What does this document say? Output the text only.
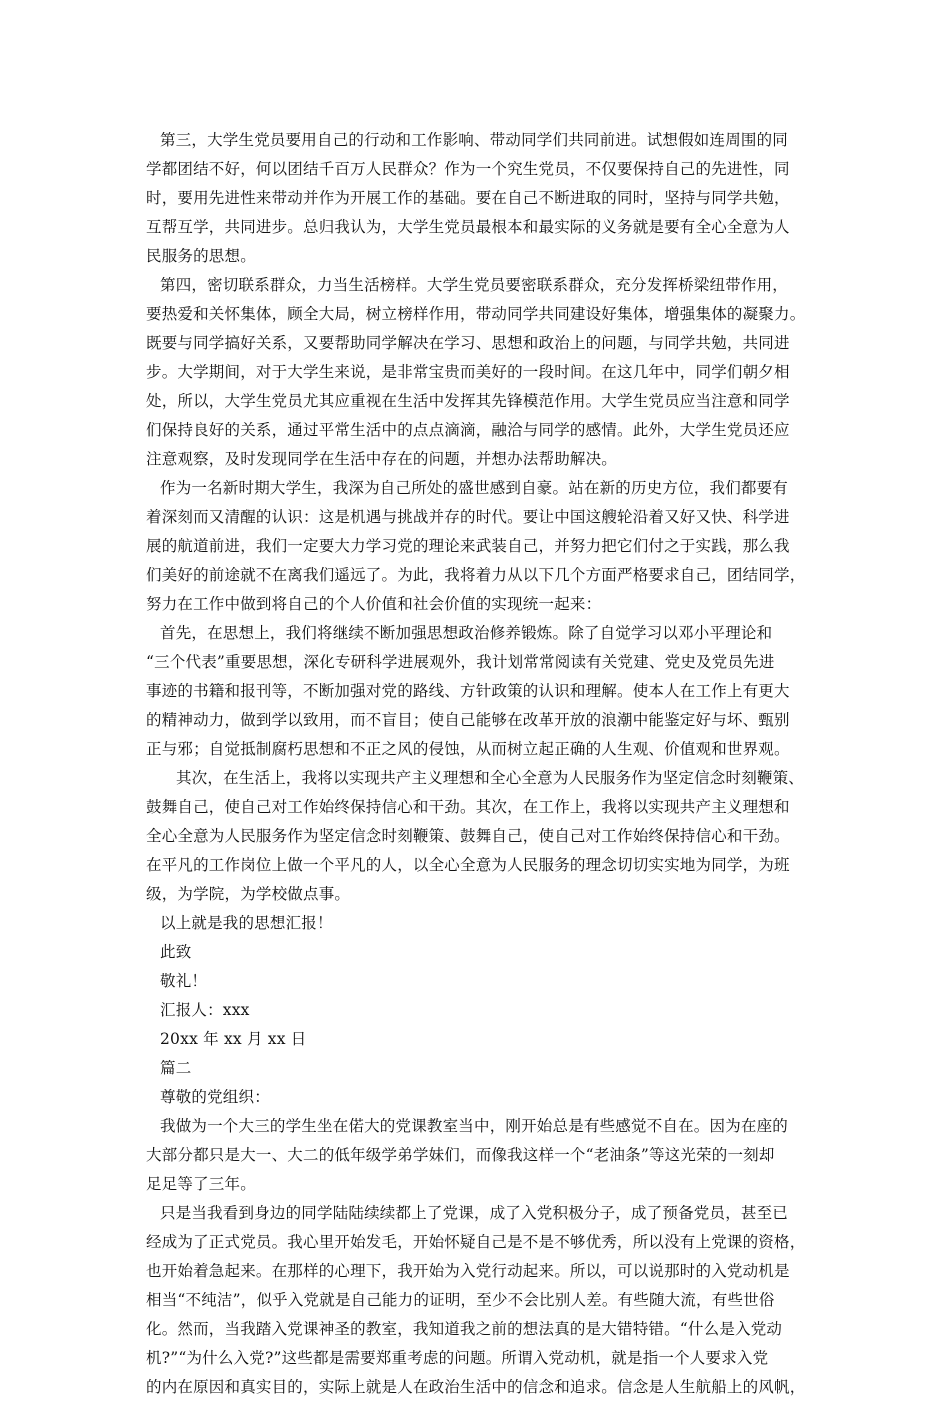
第三，大学生党员要用自己的行动和工作影响、带动同学们共同前进。试想假如连周围的同
学都团结不好，何以团结千百万人民群众？作为一个究生党员，不仅要保持自己的先进性，同
时，要用先进性来带动并作为开展工作的基础。要在自己不断进取的同时，坚持与同学共勉，
互帮互学，共同进步。总归我认为，大学生党员最根本和最实际的义务就是要有全心全意为人
民服务的思想。
第四，密切联系群众，力当生活榜样。大学生党员要密联系群众，充分发挥桥梁纽带作用，
要热爱和关怀集体，顾全大局，树立榜样作用，带动同学共同建设好集体，增强集体的凝聚力。
既要与同学搞好关系，又要帮助同学解决在学习、思想和政治上的问题，与同学共勉，共同进
步。大学期间，对于大学生来说，是非常宝贵而美好的一段时间。在这几年中，同学们朝夕相
处，所以，大学生党员尤其应重视在生活中发挥其先锋模范作用。大学生党员应当注意和同学
们保持良好的关系，通过平常生活中的点点滴滴，融洽与同学的感情。此外，大学生党员还应
注意观察，及时发现同学在生活中存在的问题，并想办法帮助解决。
作为一名新时期大学生，我深为自己所处的盛世感到自豪。站在新的历史方位，我们都要有
着深刻而又清醒的认识：这是机遇与挑战并存的时代。要让中国这艘轮沿着又好又快、科学进
展的航道前进，我们一定要大力学习党的理论来武装自己，并努力把它们付之于实践，那么我
们美好的前途就不在离我们遥远了。为此，我将着力从以下几个方面严格要求自己，团结同学，
努力在工作中做到将自己的个人价值和社会价值的实现统一起来：
首先，在思想上，我们将继续不断加强思想政治修养锻炼。除了自觉学习以邓小平理论和
“三个代表”重要思想，深化专研科学进展观外，我计划常常阅读有关党建、党史及党员先进
事迹的书籍和报刊等，不断加强对党的路线、方针政策的认识和理解。使本人在工作上有更大
的精神动力，做到学以致用，而不盲目；使自己能够在改革开放的浪潮中能鉴定好与坏、甄别
正与邪；自觉抵制腐朽思想和不正之风的侵蚀，从而树立起正确的人生观、价值观和世界观。
其次，在生活上，我将以实现共产主义理想和全心全意为人民服务作为坚定信念时刻鞭策、
鼓舞自己，使自己对工作始终保持信心和干劲。其次，在工作上，我将以实现共产主义理想和
全心全意为人民服务作为坚定信念时刻鞭策、鼓舞自己，使自己对工作始终保持信心和干劲。
在平凡的工作岗位上做一个平凡的人，以全心全意为人民服务的理念切切实实地为同学，为班
级，为学院，为学校做点事。
以上就是我的思想汇报！
此致
敬礼！
汇报人：xxx
20xx 年 xx 月 xx 日
篇二
尊敬的党组织：
我做为一个大三的学生坐在偌大的党课教室当中，刚开始总是有些感觉不自在。因为在座的
大部分都只是大一、大二的低年级学弟学妹们，而像我这样一个“老油条”等这光荣的一刻却
足足等了三年。
只是当我看到身边的同学陆陆续续都上了党课，成了入党积极分子，成了预备党员，甚至已
经成为了正式党员。我心里开始发毛，开始怀疑自己是不是不够优秀，所以没有上党课的资格，
也开始着急起来。在那样的心理下，我开始为入党行动起来。所以，可以说那时的入党动机是
相当“不纯洁”，似乎入党就是自己能力的证明，至少不会比别人差。有些随大流，有些世俗
化。然而，当我踏入党课神圣的教室，我知道我之前的想法真的是大错特错。“什么是入党动
机?”“为什么入党?”这些都是需要郑重考虑的问题。所谓入党动机，就是指一个人要求入党
的内在原因和真实目的，实际上就是人在政治生活中的信念和追求。信念是人生航船上的风帆，
